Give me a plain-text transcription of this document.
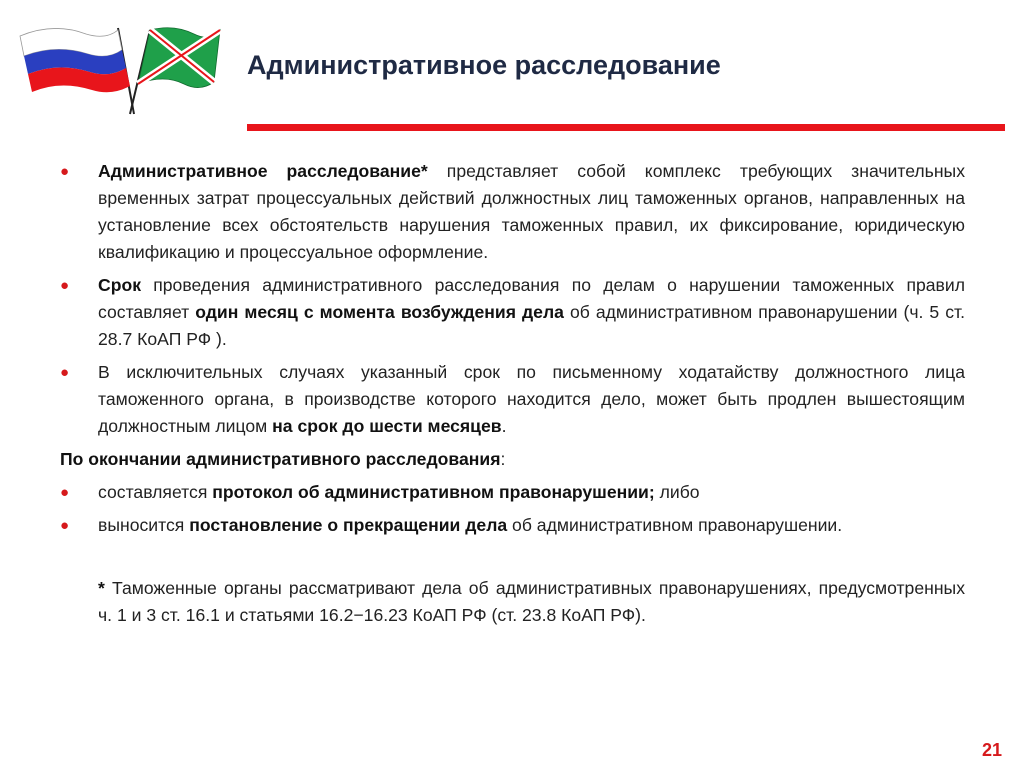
Административное расследование
● Административное расследование* представляет собой комплекс требующих значительных временных затрат процессуальных действий должностных лиц таможенных органов, направленных на установление всех обстоятельств нарушения таможенных правил, их фиксирование, юридическую квалификацию и процессуальное оформление.
● Срок проведения административного расследования по делам о нарушении таможенных правил составляет один месяц с момента возбуждения дела об административном правонарушении (ч. 5 ст. 28.7 КоАП РФ ).
● В исключительных случаях указанный срок по письменному ходатайству должностного лица таможенного органа, в производстве которого находится дело, может быть продлен вышестоящим должностным лицом на срок до шести месяцев.
По окончании административного расследования:
● составляется протокол об административном правонарушении; либо
● выносится постановление о прекращении дела об административном правонарушении.
* Таможенные органы рассматривают дела об административных правонарушениях, предусмотренных ч. 1 и 3 ст. 16.1 и статьями 16.2−16.23 КоАП РФ (ст. 23.8 КоАП РФ).
21
